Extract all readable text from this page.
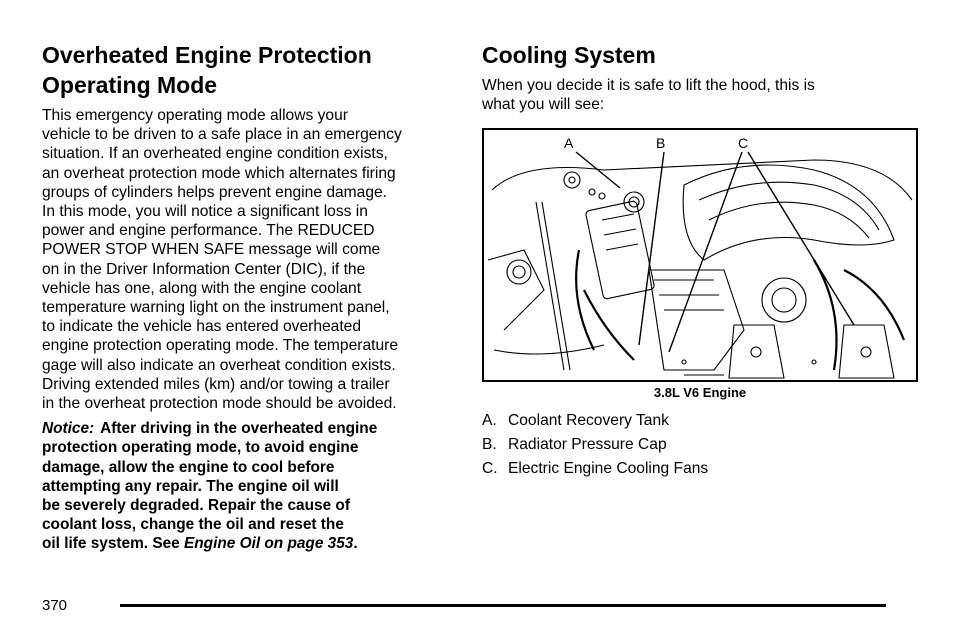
Overheated Engine Protection
Operating Mode

This emergency operating mode allows your
vehicle to be driven to a safe place in an emergency
situation. If an overheated engine condition exists,
an overheat protection mode which alternates firing
groups of cylinders helps prevent engine damage.
In this mode, you will notice a significant loss in
power and engine performance. The REDUCED
POWER STOP WHEN SAFE message will come
on in the Driver Information Center (DIC), if the
vehicle has one, along with the engine coolant
temperature warning light on the instrument panel,
to indicate the vehicle has entered overheated
engine protection operating mode. The temperature
gage will also indicate an overheat condition exists.
Driving extended miles (km) and/or towing a trailer
in the overheat protection mode should be avoided.

Notice: After driving in the overheated engine
protection operating mode, to avoid engine
damage, allow the engine to cool before
attempting any repair. The engine oil will
be severely degraded. Repair the cause of
coolant loss, change the oil and reset the
oil life system. See Engine Oil on page 353.

Cooling System

When you decide it is safe to lift the hood, this is
what you will see:

A	B	C
3.8L V6 Engine
A. Coolant Recovery Tank
B. Radiator Pressure Cap
C. Electric Engine Cooling Fans
370
